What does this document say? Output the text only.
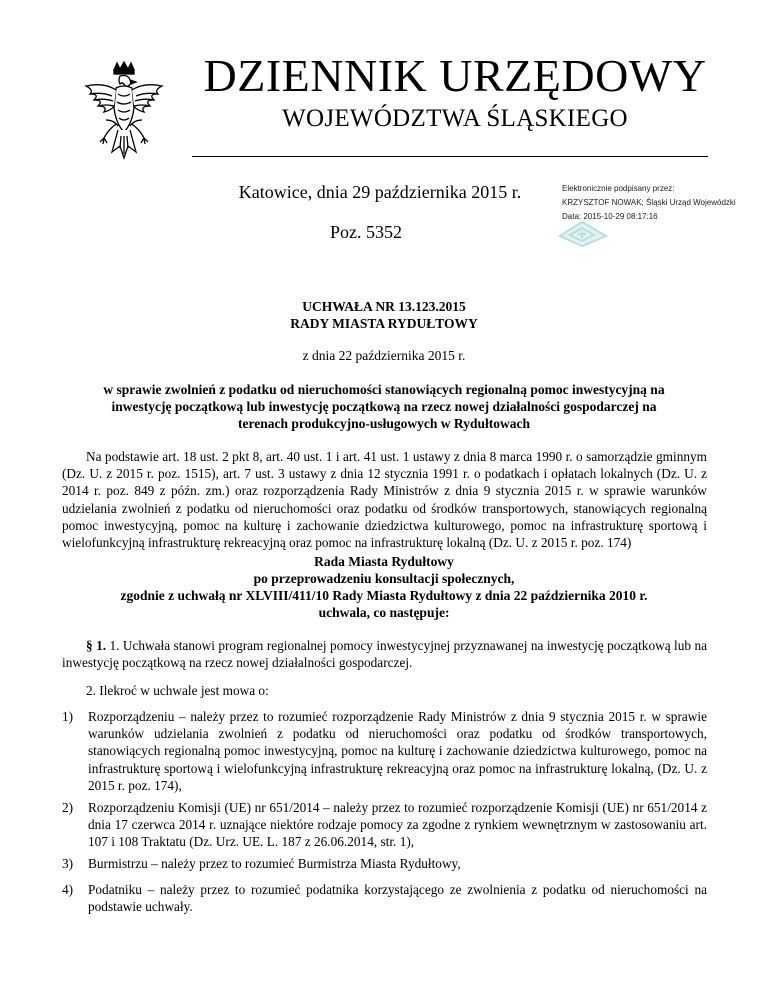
DZIENNIK URZĘDOWY
WOJEWÓDZTWA ŚLĄSKIEGO
Katowice, dnia 29 października 2015 r.
Poz. 5352
Elektronicznie podpisany przez:
KRZYSZTOF NOWAK; Śląski Urząd Wojewódzki
Data: 2015-10-29 08:17:16
UCHWAŁA NR 13.123.2015
RADY MIASTA RYDUŁTOWY
z dnia 22 października 2015 r.
w sprawie zwolnień z podatku od nieruchomości stanowiących regionalną pomoc inwestycyjną na inwestycję początkową lub inwestycję początkową na rzecz nowej działalności gospodarczej na terenach produkcyjno-usługowych w Rydułtowach
Na podstawie art. 18 ust. 2 pkt 8, art. 40 ust. 1 i art. 41 ust. 1 ustawy z dnia 8 marca 1990 r. o samorządzie gminnym (Dz. U. z 2015 r. poz. 1515), art. 7 ust. 3 ustawy z dnia 12 stycznia 1991 r. o podatkach i opłatach lokalnych (Dz. U. z 2014 r. poz. 849 z późn. zm.) oraz rozporządzenia Rady Ministrów z dnia 9 stycznia 2015 r. w sprawie warunków udzielania zwolnień z podatku od nieruchomości oraz podatku od środków transportowych, stanowiących regionalną pomoc inwestycyjną, pomoc na kulturę i zachowanie dziedzictwa kulturowego, pomoc na infrastrukturę sportową i wielofunkcyjną infrastrukturę rekreacyjną oraz pomoc na infrastrukturę lokalną (Dz. U. z 2015 r. poz. 174)
Rada Miasta Rydułtowy
po przeprowadzeniu konsultacji społecznych,
zgodnie z uchwałą nr XLVIII/411/10 Rady Miasta Rydułtowy z dnia 22 października 2010 r.
uchwala, co następuje:
§ 1. 1. Uchwała stanowi program regionalnej pomocy inwestycyjnej przyznawanej na inwestycję początkową lub na inwestycję początkową na rzecz nowej działalności gospodarczej.
2. Ilekroć w uchwale jest mowa o:
1)	Rozporządzeniu – należy przez to rozumieć rozporządzenie Rady Ministrów z dnia 9 stycznia 2015 r. w sprawie warunków udzielania zwolnień z podatku od nieruchomości oraz podatku od środków transportowych, stanowiących regionalną pomoc inwestycyjną, pomoc na kulturę i zachowanie dziedzictwa kulturowego, pomoc na infrastrukturę sportową i wielofunkcyjną infrastrukturę rekreacyjną oraz pomoc na infrastrukturę lokalną, (Dz. U. z 2015 r. poz. 174),
2)	Rozporządzeniu Komisji (UE) nr 651/2014 – należy przez to rozumieć rozporządzenie Komisji (UE) nr 651/2014 z dnia 17 czerwca 2014 r. uznające niektóre rodzaje pomocy za zgodne z rynkiem wewnętrznym w zastosowaniu art. 107 i 108 Traktatu (Dz. Urz. UE. L. 187 z 26.06.2014, str. 1),
3)	Burmistrzu – należy przez to rozumieć Burmistrza Miasta Rydułtowy,
4)	Podatniku – należy przez to rozumieć podatnika korzystającego ze zwolnienia z podatku od nieruchomości na podstawie uchwały.
